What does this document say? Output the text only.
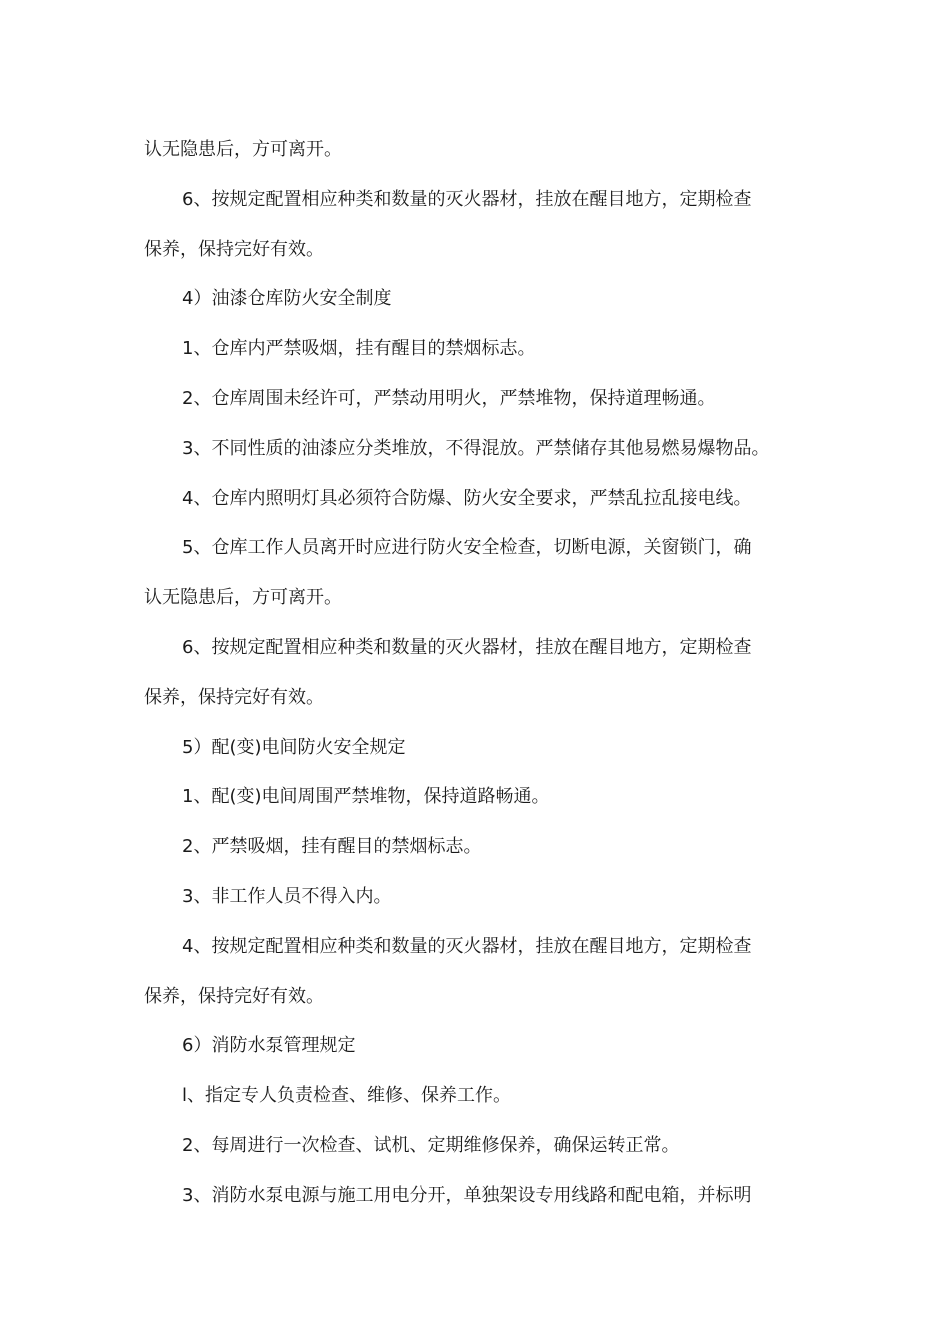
认无隐患后，方可离开。
6、按规定配置相应种类和数量的灭火器材，挂放在醒目地方，定期检查
保养，保持完好有效。
4）油漆仓库防火安全制度
1、仓库内严禁吸烟，挂有醒目的禁烟标志。
2、仓库周围未经许可，严禁动用明火，严禁堆物，保持道理畅通。
3、不同性质的油漆应分类堆放，不得混放。严禁储存其他易燃易爆物品。
4、仓库内照明灯具必须符合防爆、防火安全要求，严禁乱拉乱接电线。
5、仓库工作人员离开时应进行防火安全检查，切断电源，关窗锁门，确
认无隐患后，方可离开。
6、按规定配置相应种类和数量的灭火器材，挂放在醒目地方，定期检查
保养，保持完好有效。
5）配(变)电间防火安全规定
1、配(变)电间周围严禁堆物，保持道路畅通。
2、严禁吸烟，挂有醒目的禁烟标志。
3、非工作人员不得入内。
4、按规定配置相应种类和数量的灭火器材，挂放在醒目地方，定期检查
保养，保持完好有效。
6）消防水泵管理规定
l、指定专人负责检查、维修、保养工作。
2、每周进行一次检查、试机、定期维修保养，确保运转正常。
3、消防水泵电源与施工用电分开，单独架设专用线路和配电箱，并标明
